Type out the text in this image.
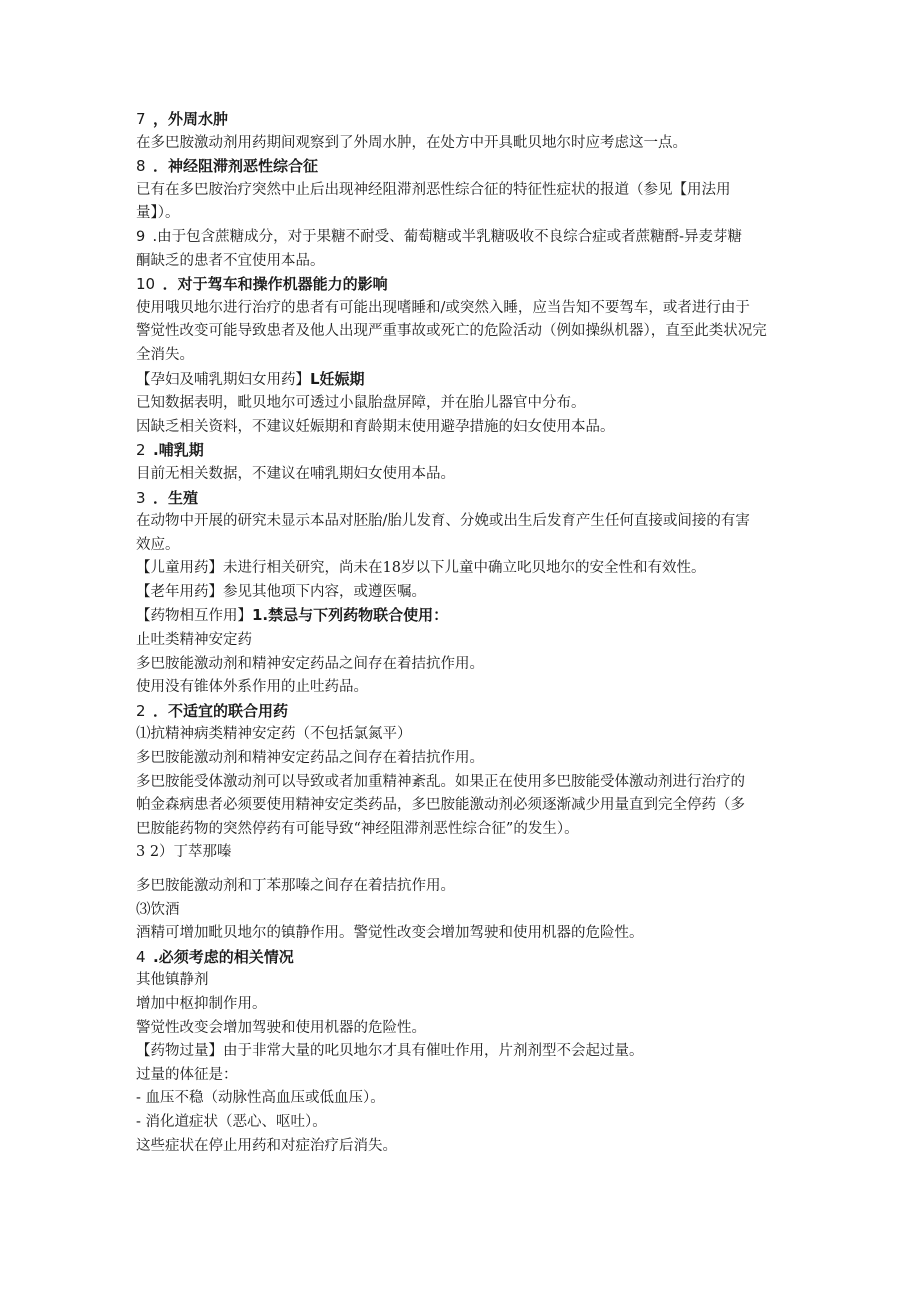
7  ，外周水肿
在多巴胺激动剂用药期间观察到了外周水肿，在处方中开具毗贝地尔时应考虑这一点。
8  ．神经阻滞剂恶性综合征
已有在多巴胺治疗突然中止后出现神经阻滞剂恶性综合征的特征性症状的报道（参见【用法用
量】）。
9  .由于包含蔗糖成分，对于果糖不耐受、葡萄糖或半乳糖吸收不良综合症或者蔗糖酹-异麦芽糖
酮缺乏的患者不宜使用本品。
10  ．对于驾车和操作机器能力的影响
使用哦贝地尔进行治疗的患者有可能出现嗜睡和/或突然入睡，应当告知不要驾车，或者进行由于
警觉性改变可能导致患者及他人出现严重事故或死亡的危险活动（例如操纵机器），直至此类状况完
全消失。
【孕妇及哺乳期妇女用药】L妊娠期
已知数据表明，毗贝地尔可透过小鼠胎盘屏障，并在胎儿器官中分布。
因缺乏相关资料，不建议妊娠期和育龄期末使用避孕措施的妇女使用本品。
2  .哺乳期
目前无相关数据，不建议在哺乳期妇女使用本品。
3  ．生殖
在动物中开展的研究未显示本品对胚胎/胎儿发育、分娩或出生后发育产生任何直接或间接的有害
效应。
【儿童用药】未进行相关研究，尚未在18岁以下儿童中确立叱贝地尔的安全性和有效性。
【老年用药】参见其他项下内容，或遵医嘱。
【药物相互作用】1.禁忌与下列药物联合使用：
止吐类精神安定药
多巴胺能激动剂和精神安定药品之间存在着拮抗作用。
使用没有锥体外系作用的止吐药品。
2  ．不适宜的联合用药
⑴抗精神病类精神安定药（不包括氯氮平）
多巴胺能激动剂和精神安定药品之间存在着拮抗作用。
多巴胺能受体激动剂可以导致或者加重精神紊乱。如果正在使用多巴胺能受体激动剂进行治疗的
帕金森病患者必须要使用精神安定类药品，多巴胺能激动剂必须逐渐减少用量直到完全停药（多
巴胺能药物的突然停药有可能导致“神经阻滞剂恶性综合征”的发生）。
3 2）丁萃那嗪
多巴胺能激动剂和丁苯那嗪之间存在着拮抗作用。
⑶饮酒
酒精可增加毗贝地尔的镇静作用。警觉性改变会增加驾驶和使用机器的危险性。
4  .必须考虑的相关情况
其他镇静剂
增加中枢抑制作用。
警觉性改变会增加驾驶和使用机器的危险性。
【药物过量】由于非常大量的叱贝地尔才具有催吐作用，片剂剂型不会起过量。
过量的体征是：
- 血压不稳（动脉性高血压或低血压）。
- 消化道症状（恶心、呕吐）。
这些症状在停止用药和对症治疗后消失。
